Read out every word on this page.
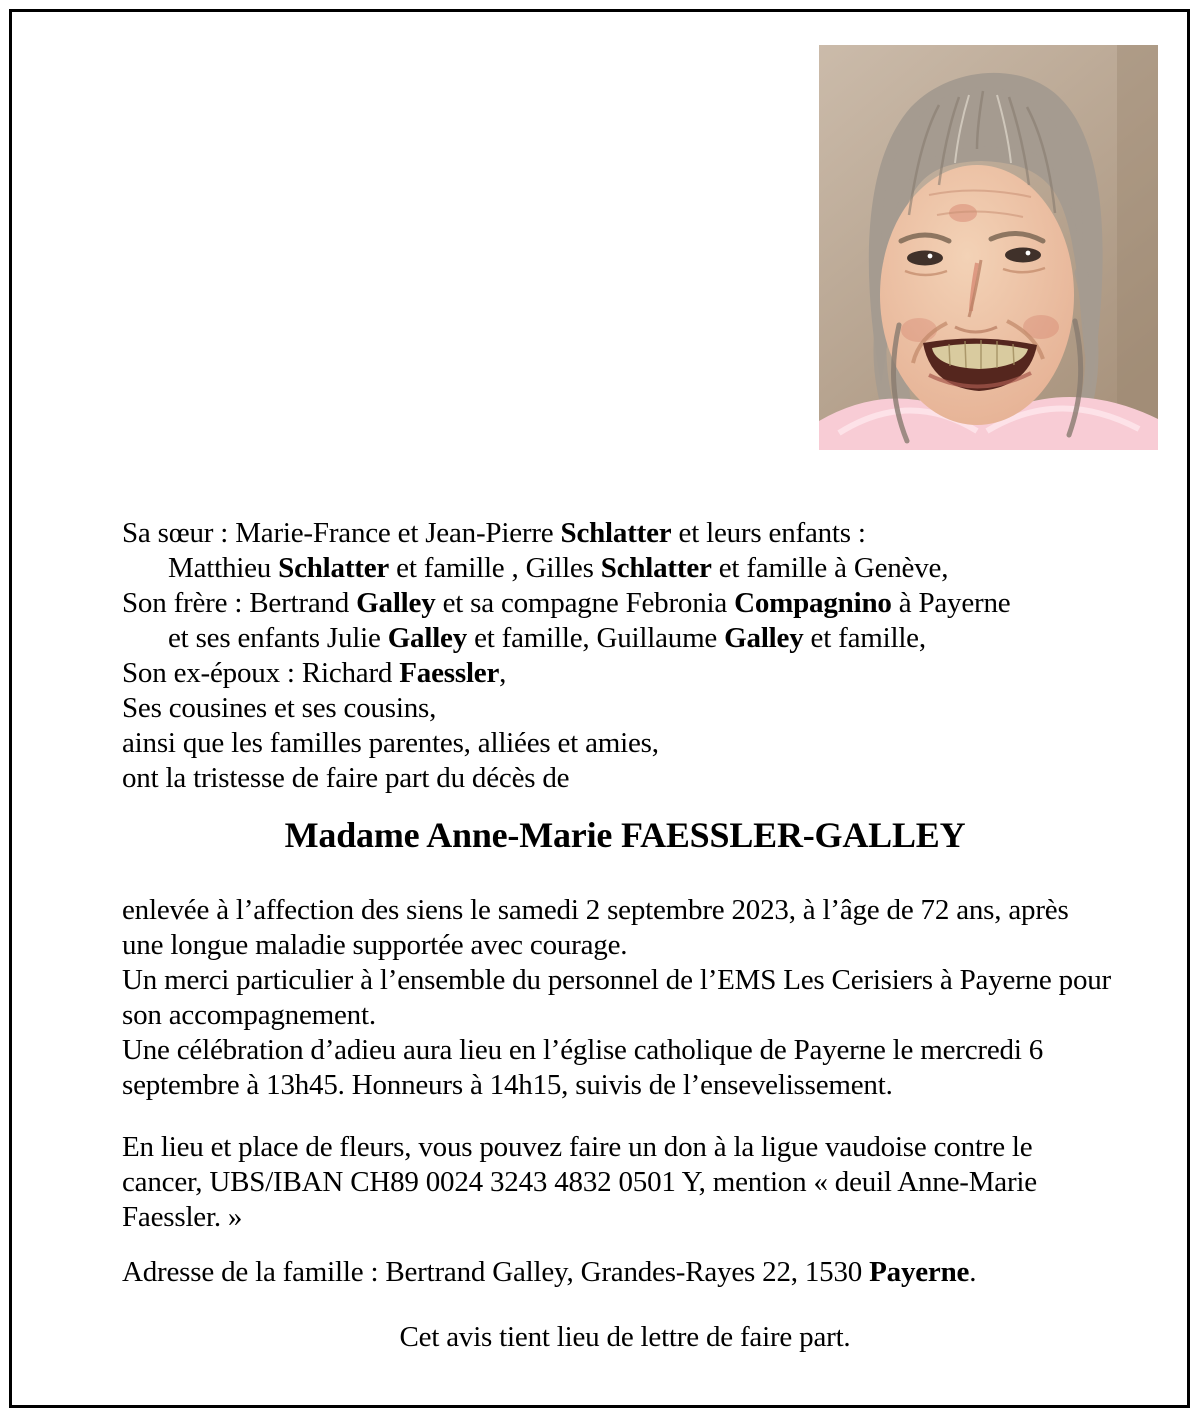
Sa sœur : Marie-France et Jean-Pierre Schlatter et leurs enfants :
Matthieu Schlatter et famille , Gilles Schlatter et famille à Genève,
Son frère : Bertrand Galley et sa compagne Febronia Compagnino à Payerne
et ses enfants Julie Galley et famille, Guillaume Galley et famille,
Son ex-époux : Richard Faessler,
Ses cousines et ses cousins,
ainsi que les familles parentes, alliées et amies,
ont la tristesse de faire part du décès de
Madame Anne-Marie FAESSLER-GALLEY
enlevée à l’affection des siens le samedi 2 septembre 2023, à l’âge de 72 ans, après
une longue maladie supportée avec courage.
Un merci particulier à l’ensemble du personnel de l’EMS Les Cerisiers à Payerne pour
son accompagnement.
Une célébration d’adieu aura lieu en l’église catholique de Payerne le mercredi 6
septembre à 13h45. Honneurs à 14h15, suivis de l’ensevelissement.
En lieu et place de fleurs, vous pouvez faire un don à la ligue vaudoise contre le
cancer, UBS/IBAN CH89 0024 3243 4832 0501 Y, mention « deuil Anne-Marie
Faessler. »
Adresse de la famille : Bertrand Galley, Grandes-Rayes 22, 1530 Payerne.
Cet avis tient lieu de lettre de faire part.
